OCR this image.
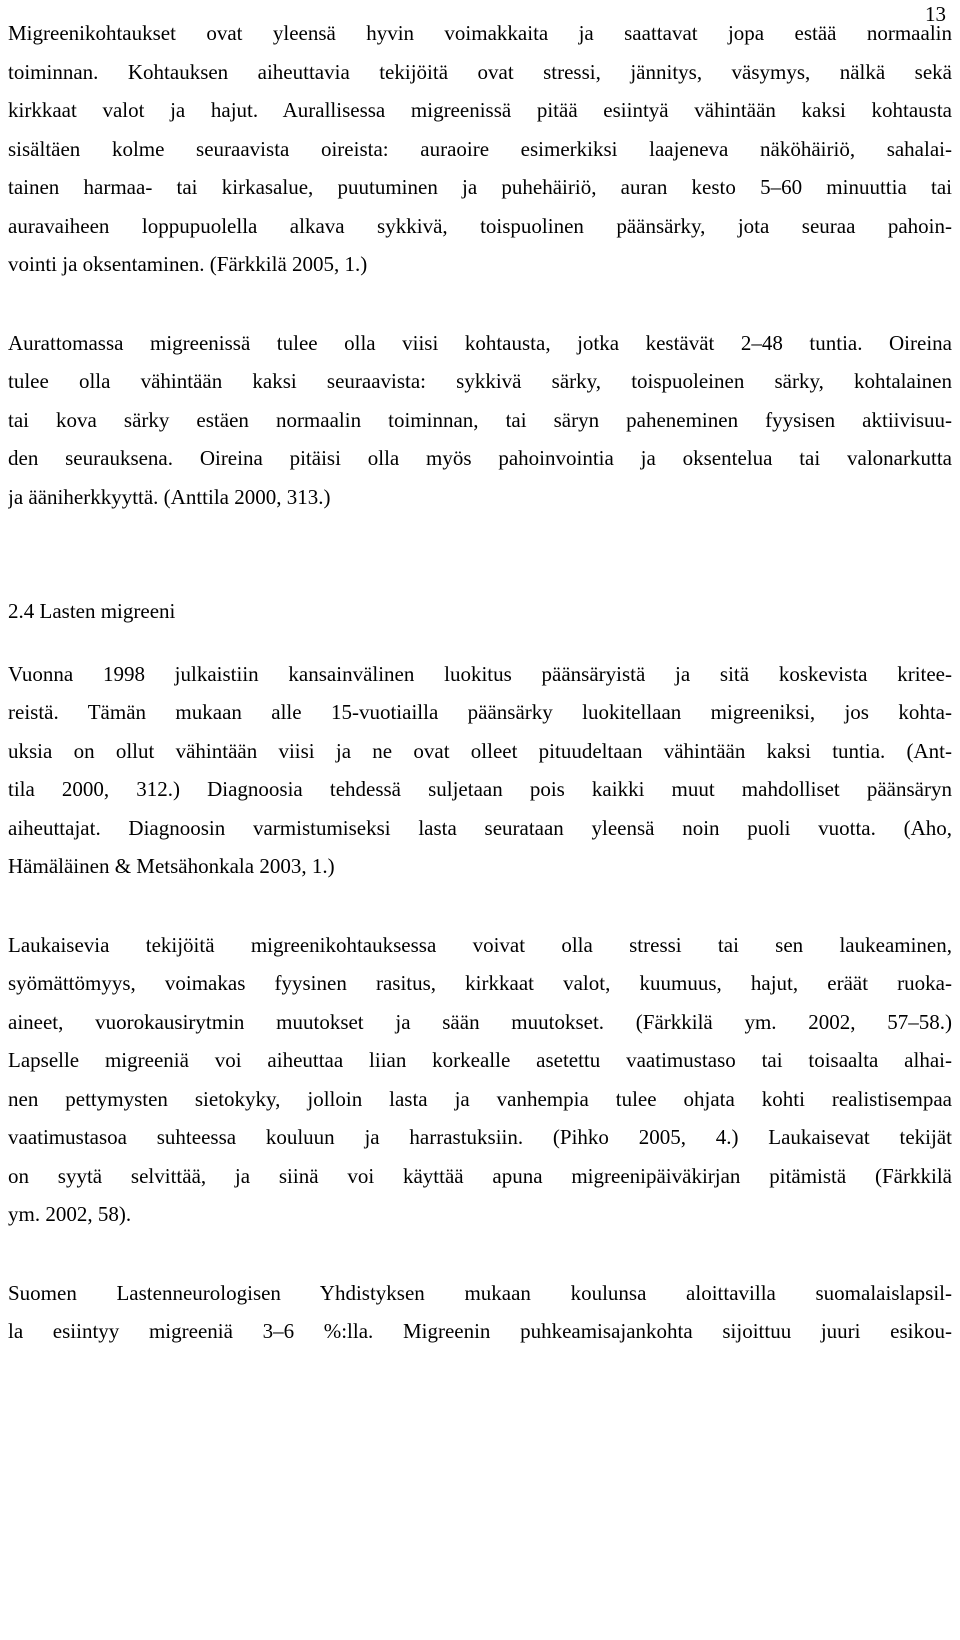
13
Migreenikohtaukset ovat yleensä hyvin voimakkaita ja saattavat jopa estää normaalin
toiminnan. Kohtauksen aiheuttavia tekijöitä ovat stressi, jännitys, väsymys, nälkä sekä
kirkkaat valot ja hajut. Aurallisessa migreenissä pitää esiintyä vähintään kaksi kohtausta
sisältäen kolme seuraavista oireista: auraoire esimerkiksi laajeneva näköhäiriö, sahalai-
tainen harmaa- tai kirkasalue, puutuminen ja puhehäiriö, auran kesto 5–60 minuuttia tai
auravaiheen loppupuolella alkava sykkivä, toispuolinen päänsärky, jota seuraa pahoin-
vointi ja oksentaminen. (Färkkilä 2005, 1.)
Aurattomassa migreenissä tulee olla viisi kohtausta, jotka kestävät 2–48 tuntia. Oireina
tulee olla vähintään kaksi seuraavista: sykkivä särky, toispuoleinen särky, kohtalainen
tai kova särky estäen normaalin toiminnan, tai säryn paheneminen fyysisen aktiivisuu-
den seurauksena. Oireina pitäisi olla myös pahoinvointia ja oksentelua tai valonarkutta
ja ääniherkkyyttä. (Anttila 2000, 313.)
2.4 Lasten migreeni
Vuonna 1998 julkaistiin kansainvälinen luokitus päänsäryistä ja sitä koskevista kritee-
reistä. Tämän mukaan alle 15-vuotiailla päänsärky luokitellaan migreeniksi, jos kohta-
uksia on ollut vähintään viisi ja ne ovat olleet pituudeltaan vähintään kaksi tuntia. (Ant-
tila 2000, 312.) Diagnoosia tehdessä suljetaan pois kaikki muut mahdolliset päänsäryn
aiheuttajat. Diagnoosin varmistumiseksi lasta seurataan yleensä noin puoli vuotta. (Aho,
Hämäläinen & Metsähonkala 2003, 1.)
Laukaisevia tekijöitä migreenikohtauksessa voivat olla stressi tai sen laukeaminen,
syömättömyys, voimakas fyysinen rasitus, kirkkaat valot, kuumuus, hajut, eräät ruoka-
aineet, vuorokausirytmin muutokset ja sään muutokset. (Färkkilä ym. 2002, 57–58.)
Lapselle migreeniä voi aiheuttaa liian korkealle asetettu vaatimustaso tai toisaalta alhai-
nen pettymysten sietokyky, jolloin lasta ja vanhempia tulee ohjata kohti realistisempaa
vaatimustasoa suhteessa kouluun ja harrastuksiin. (Pihko 2005, 4.) Laukaisevat tekijät
on syytä selvittää, ja siinä voi käyttää apuna migreenipäiväkirjan pitämistä (Färkkilä
ym. 2002, 58).
Suomen Lastenneurologisen Yhdistyksen mukaan koulunsa aloittavilla suomalaislapsil-
la esiintyy migreeniä 3–6 %:lla. Migreenin puhkeamisajankohta sijoittuu juuri esikou-
